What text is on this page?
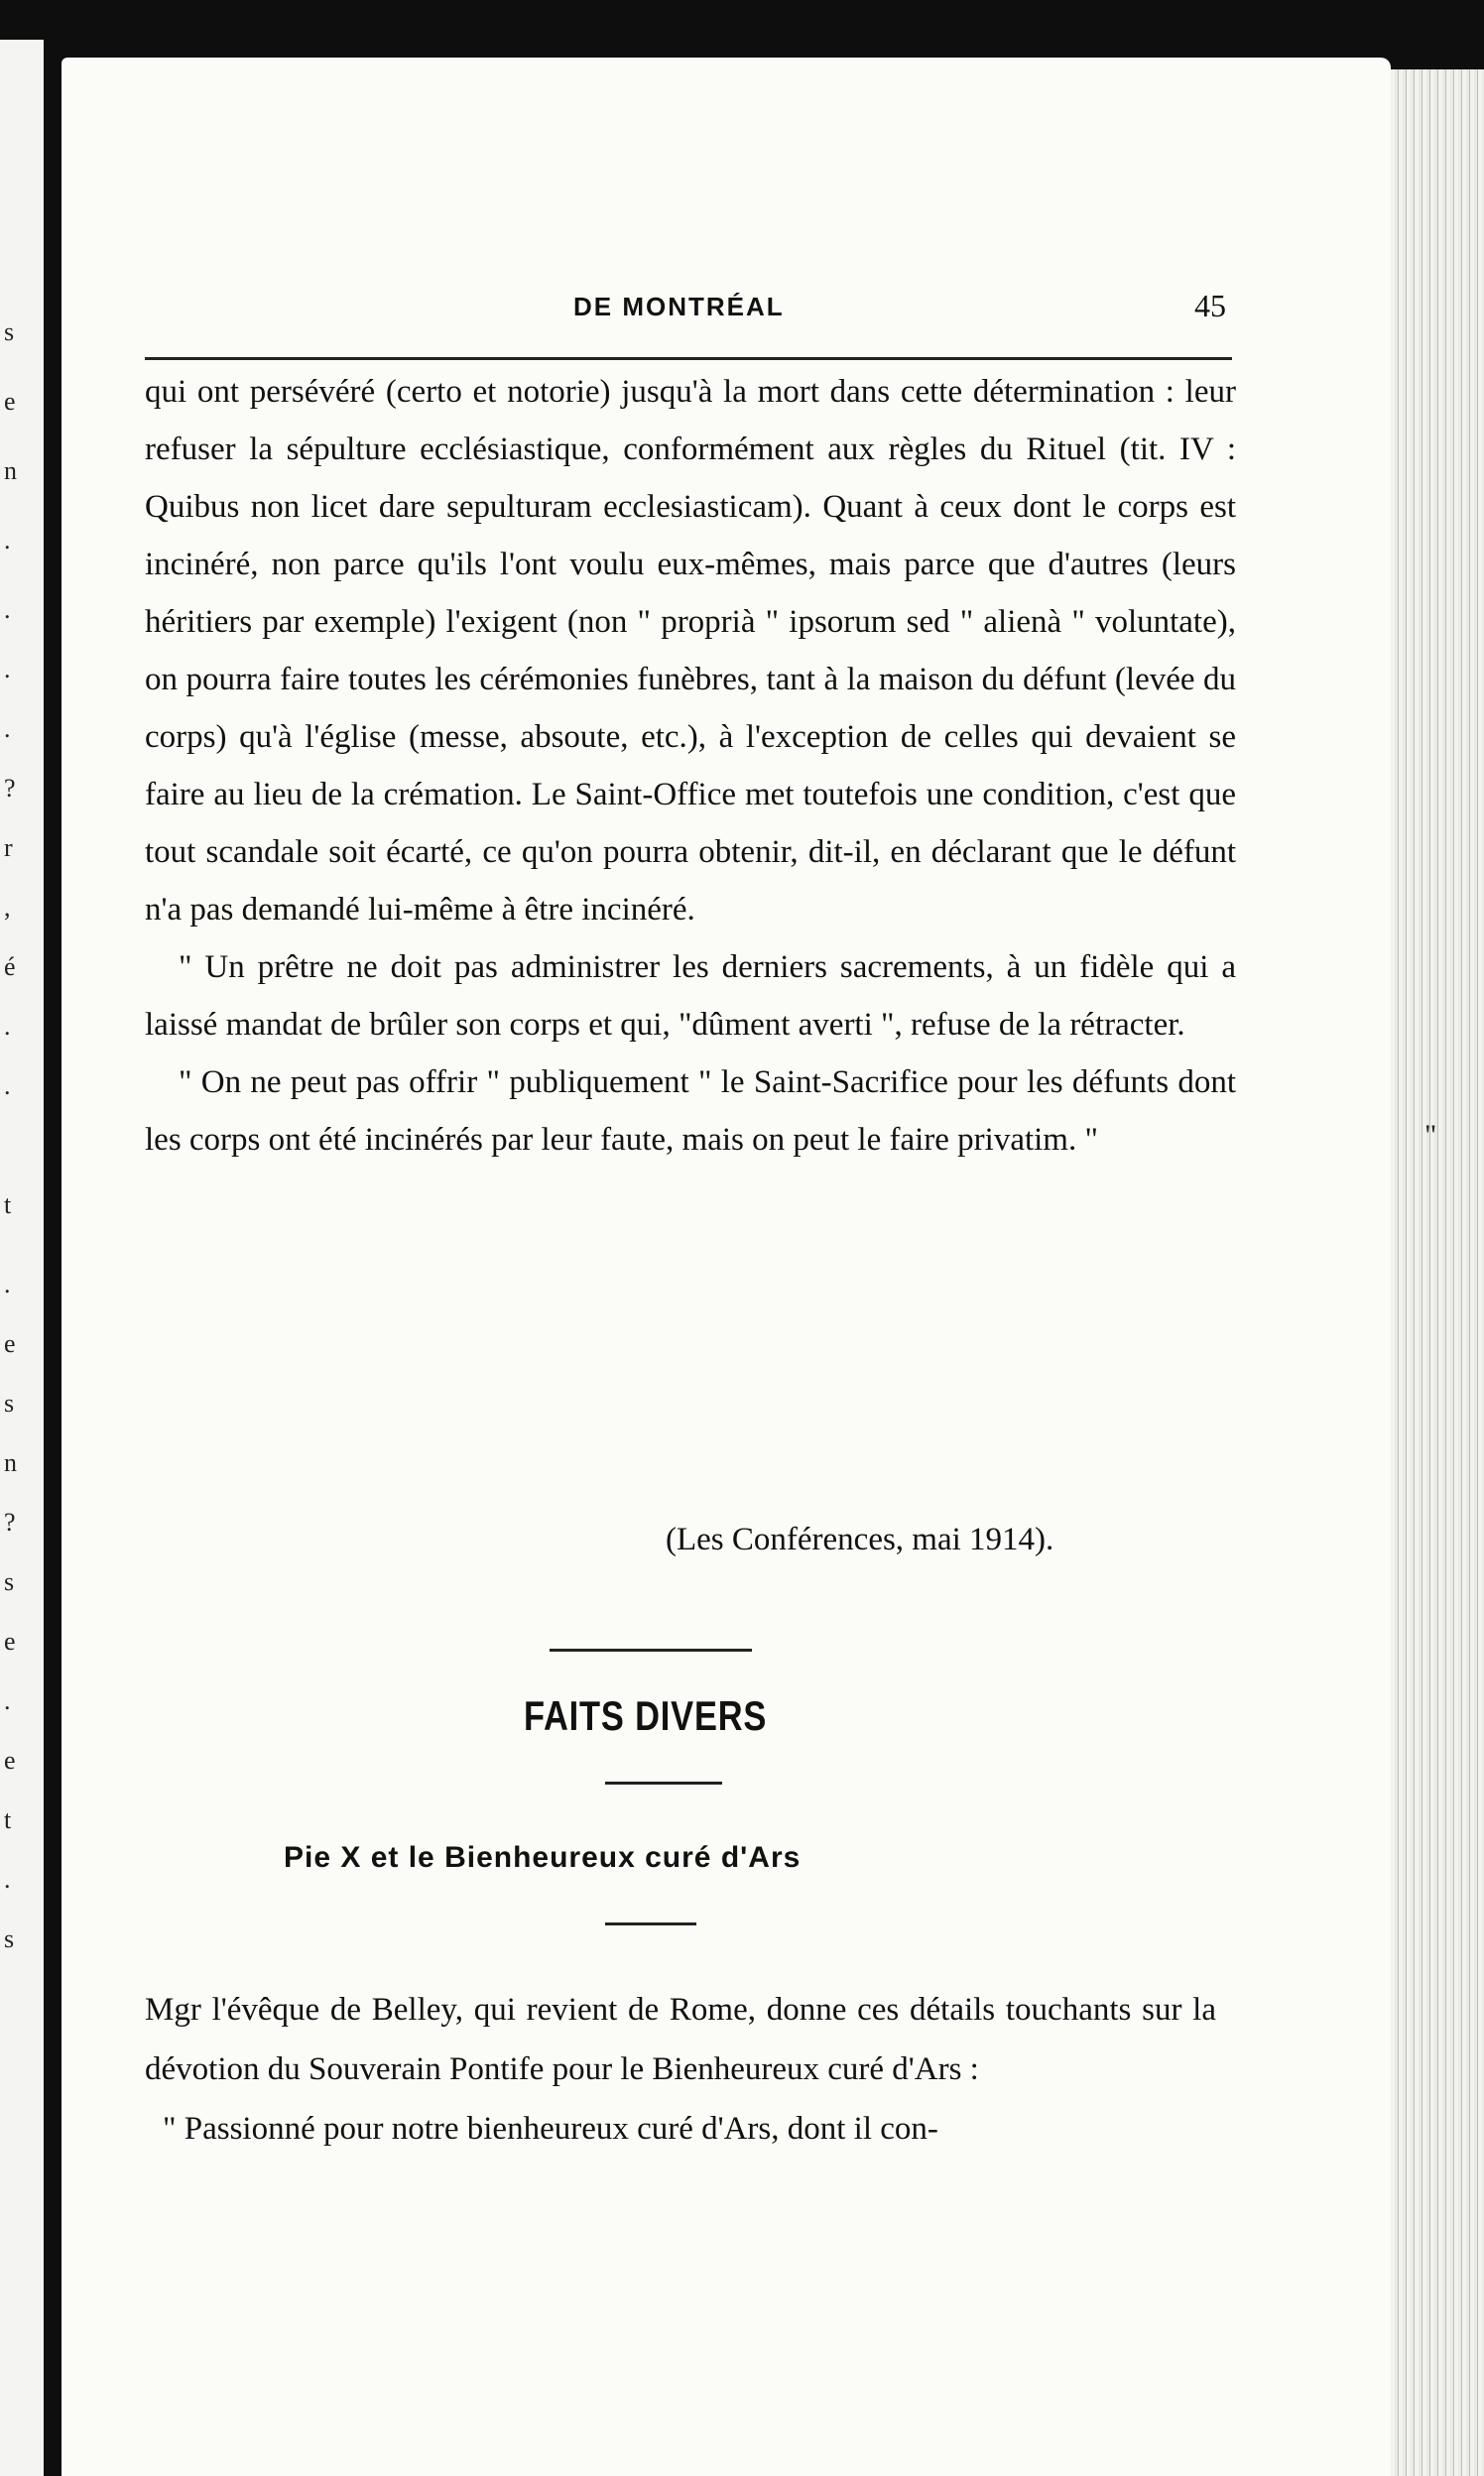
s
e
n
.
.
.
.
?
r
,
é
.
.
t
.
e
s
n
?
s
e
.
e
t
.
s
"
DE MONTRÉAL	45

qui ont persévéré (certo et notorie) jusqu'à la mort dans cette détermination : leur refuser la sépulture ecclésiastique, conformément aux règles du Rituel (tit. IV : Quibus non licet dare sepulturam ecclesiasticam). Quant à ceux dont le corps est incinéré, non parce qu'ils l'ont voulu eux-mêmes, mais parce que d'autres (leurs héritiers par exemple) l'exigent (non " proprià " ipsorum sed " alienà " voluntate), on pourra faire toutes les cérémonies funèbres, tant à la maison du défunt (levée du corps) qu'à l'église (messe, absoute, etc.), à l'exception de celles qui devaient se faire au lieu de la crémation. Le Saint-Office met toutefois une condition, c'est que tout scandale soit écarté, ce qu'on pourra obtenir, dit-il, en déclarant que le défunt n'a pas demandé lui-même à être incinéré.

" Un prêtre ne doit pas administrer les derniers sacrements, à un fidèle qui a laissé mandat de brûler son corps et qui, "dûment averti ", refuse de la rétracter.

" On ne peut pas offrir " publiquement " le Saint-Sacrifice pour les défunts dont les corps ont été incinérés par leur faute, mais on peut le faire privatim. "

(Les Conférences, mai 1914).
FAITS DIVERS
Pie X et le Bienheureux curé d'Ars

Mgr l'évêque de Belley, qui revient de Rome, donne ces détails touchants sur la dévotion du Souverain Pontife pour le Bienheureux curé d'Ars :

" Passionné pour notre bienheureux curé d'Ars, dont il con-
